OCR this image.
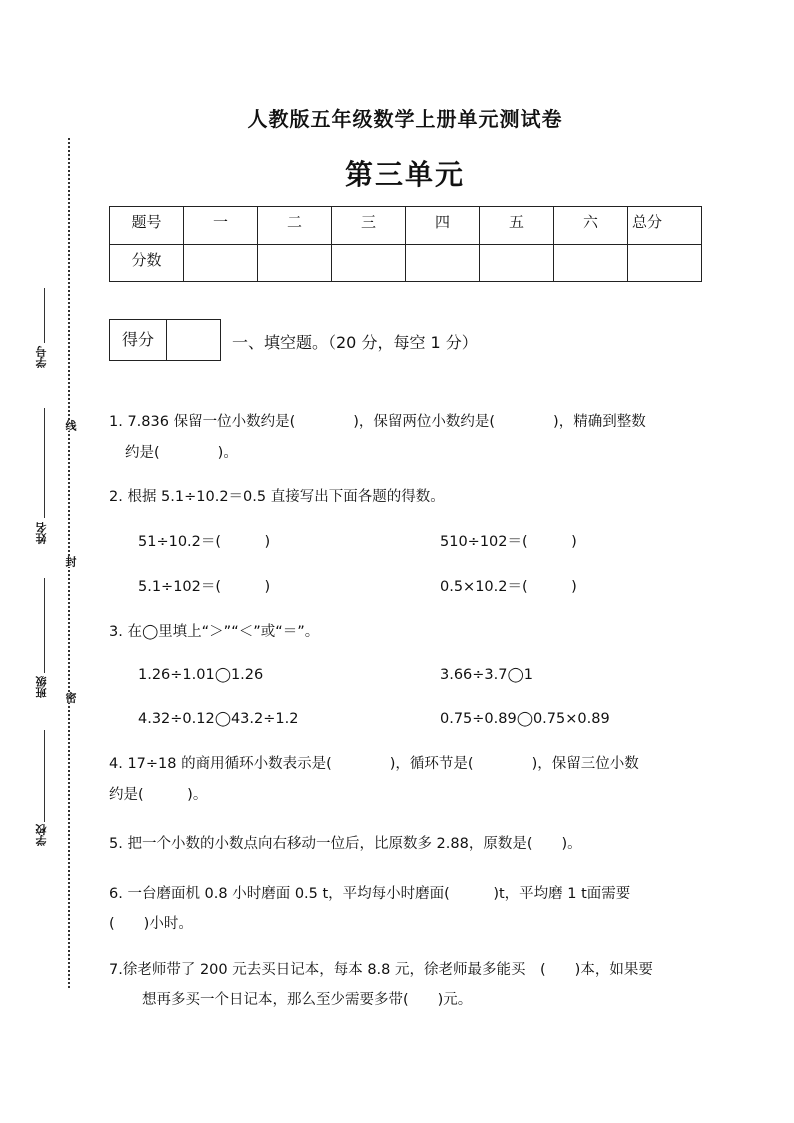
学号
姓名
班级
学校
线
封
密
人教版五年级数学上册单元测试卷
第三单元
题号	一	二	三	四	五	六	总分
分数							
得分	一、填空题。（20 分，每空 1 分）
1. 7.836 保留一位小数约是(　　　　)，保留两位小数约是(　　　　)，精确到整数
约是(　　　　)。
2. 根据 5.1÷10.2＝0.5 直接写出下面各题的得数。
51÷10.2＝(　　　)	510÷102＝(　　　)
5.1÷102＝(　　　)	0.5×10.2＝(　　　)
3. 在◯里填上“＞”“＜”或“＝”。
1.26÷1.01◯1.26	3.66÷3.7◯1
4.32÷0.12◯43.2÷1.2	0.75÷0.89◯0.75×0.89
4. 17÷18 的商用循环小数表示是(　　　　)，循环节是(　　　　)，保留三位小数
约是(　　　)。
5. 把一个小数的小数点向右移动一位后，比原数多 2.88，原数是(　　)。
6. 一台磨面机 0.8 小时磨面 0.5 t，平均每小时磨面(　　　)t，平均磨 1 t面需要
(　　)小时。
7.徐老师带了 200 元去买日记本，每本 8.8 元，徐老师最多能买　(　　)本，如果要
想再多买一个日记本，那么至少需要多带(　　)元。
